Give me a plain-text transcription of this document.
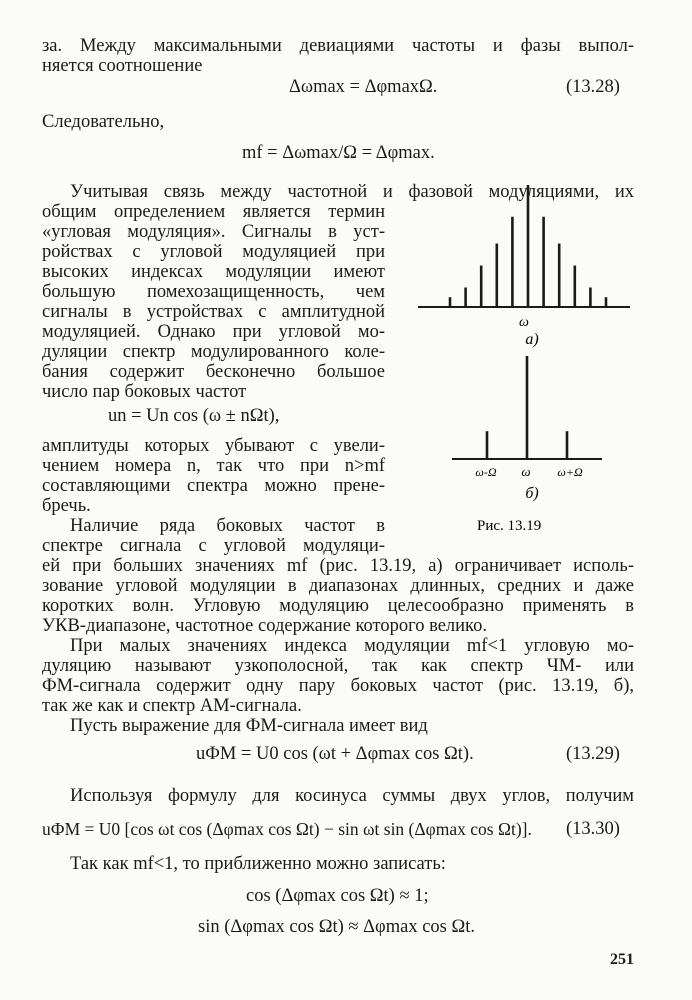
за. Между максимальными девиациями частоты и фазы выпол-
няется соотношение
Δωmax = ΔφmaxΩ.	(13.28)
Следовательно,
mf = Δωmax/Ω = Δφmax.
Учитывая связь между частотной и фазовой модуляциями, их
общим определением является термин
«угловая модуляция». Сигналы в уст-
ройствах с угловой модуляцией при
высоких индексах модуляции имеют
большую помехозащищенность, чем
сигналы в устройствах с амплитудной
модуляцией. Однако при угловой мо-
дуляции спектр модулированного коле-
бания содержит бесконечно большое
число пар боковых частот
un = Un cos (ω ± nΩt),
амплитуды которых убывают с увели-
чением номера n, так что при n>mf
составляющими спектра можно прене-
бречь.
Наличие ряда боковых частот в
спектре сигнала с угловой модуляци-
ей при больших значениях mf (рис. 13.19, а) ограничивает исполь-
зование угловой модуляции в диапазонах длинных, средних и даже
коротких волн. Угловую модуляцию целесообразно применять в
УКВ-диапазоне, частотное содержание которого велико.
При малых значениях индекса модуляции mf<1 угловую мо-
дуляцию называют узкополосной, так как спектр ЧМ- или
ФМ-сигнала содержит одну пару боковых частот (рис. 13.19, б),
так же как и спектр АМ-сигнала.
Пусть выражение для ФМ-сигнала имеет вид
uФМ = U0 cos (ωt + Δφmax cos Ωt).	(13.29)
Используя формулу для косинуса суммы двух углов, получим
uФМ = U0 [cos ωt cos (Δφmax cos Ωt) − sin ωt sin (Δφmax cos Ωt)]. (13.30)
Так как mf<1, то приближенно можно записать:
cos (Δφmax cos Ωt) ≈ 1;
sin (Δφmax cos Ωt) ≈ Δφmax cos Ωt.
251
ω
а)
ω-Ω ω ω+Ω
б)
Рис. 13.19
